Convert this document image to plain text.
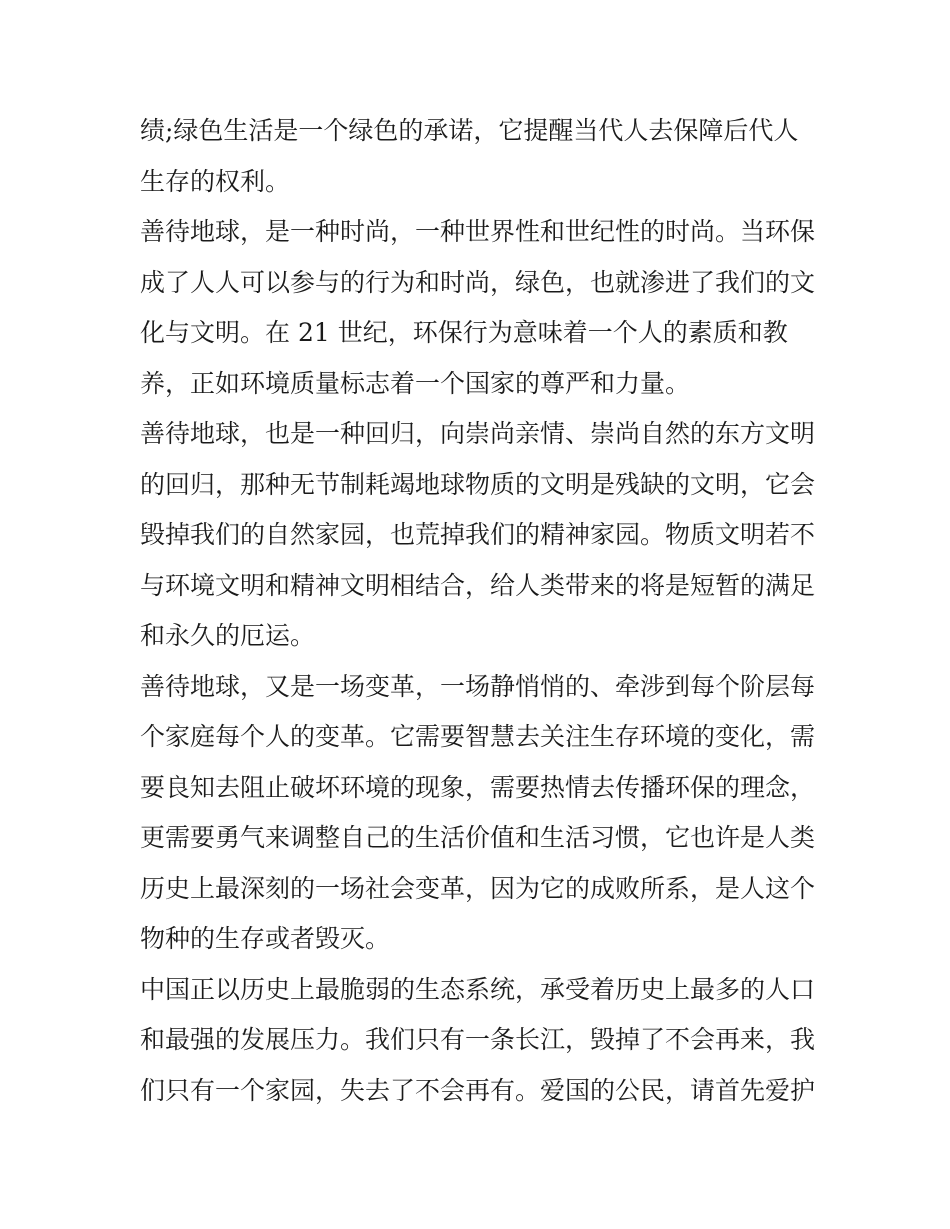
绩;绿色生活是一个绿色的承诺，它提醒当代人去保障后代人
生存的权利。
善待地球，是一种时尚，一种世界性和世纪性的时尚。当环保
成了人人可以参与的行为和时尚，绿色，也就渗进了我们的文
化与文明。在 21 世纪，环保行为意味着一个人的素质和教
养，正如环境质量标志着一个国家的尊严和力量。
善待地球，也是一种回归，向崇尚亲情、崇尚自然的东方文明
的回归，那种无节制耗竭地球物质的文明是残缺的文明，它会
毁掉我们的自然家园，也荒掉我们的精神家园。物质文明若不
与环境文明和精神文明相结合，给人类带来的将是短暂的满足
和永久的厄运。
善待地球，又是一场变革，一场静悄悄的、牵涉到每个阶层每
个家庭每个人的变革。它需要智慧去关注生存环境的变化，需
要良知去阻止破坏环境的现象，需要热情去传播环保的理念，
更需要勇气来调整自己的生活价值和生活习惯，它也许是人类
历史上最深刻的一场社会变革，因为它的成败所系，是人这个
物种的生存或者毁灭。
中国正以历史上最脆弱的生态系统，承受着历史上最多的人口
和最强的发展压力。我们只有一条长江，毁掉了不会再来，我
们只有一个家园，失去了不会再有。爱国的公民，请首先爱护
